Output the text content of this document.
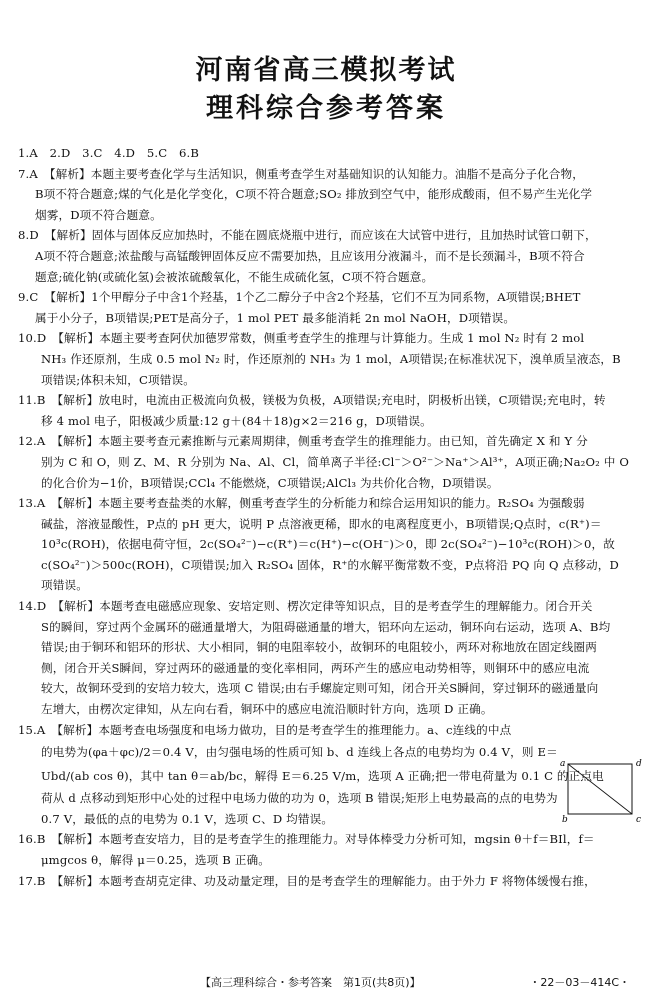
河南省高三模拟考试
理科综合参考答案
1.A　2.D　3.C　4.D　5.C　6.B
7.A　【解析】本题主要考查化学与生活知识，侧重考查学生对基础知识的认知能力。油脂不是高分子化合物，
B项不符合题意;煤的气化是化学变化，C项不符合题意;SO₂ 排放到空气中，能形成酸雨，但不易产生光化学
烟雾，D项不符合题意。
8.D　【解析】固体与固体反应加热时，不能在圆底烧瓶中进行，而应该在大试管中进行，且加热时试管口朝下，
A项不符合题意;浓盐酸与高锰酸钾固体反应不需要加热，且应该用分液漏斗，而不是长颈漏斗，B项不符合
题意;硫化钠(或硫化氢)会被浓硫酸氧化，不能生成硫化氢，C项不符合题意。
9.C　【解析】1个甲醇分子中含1个羟基，1个乙二醇分子中含2个羟基，它们不互为同系物，A项错误;BHET
属于小分子，B项错误;PET是高分子，1 mol PET 最多能消耗 2n mol NaOH，D项错误。
10.D　【解析】本题主要考查阿伏加德罗常数，侧重考查学生的推理与计算能力。生成 1 mol N₂ 时有 2 mol
NH₃ 作还原剂，生成 0.5 mol N₂ 时，作还原剂的 NH₃ 为 1 mol，A项错误;在标准状况下，溴单质呈液态，B
项错误;体积未知，C项错误。
11.B　【解析】放电时，电流由正极流向负极，镁极为负极，A项错误;充电时，阴极析出镁，C项错误;充电时，转
移 4 mol 电子，阳极减少质量:12 g＋(84＋18)g×2＝216 g，D项错误。
12.A　【解析】本题主要考查元素推断与元素周期律，侧重考查学生的推理能力。由已知，首先确定 X 和 Y 分
别为 C 和 O，则 Z、M、R 分别为 Na、Al、Cl，简单离子半径:Cl⁻＞O²⁻＞Na⁺＞Al³⁺，A项正确;Na₂O₂ 中 O
的化合价为−1价，B项错误;CCl₄ 不能燃烧，C项错误;AlCl₃ 为共价化合物，D项错误。
13.A　【解析】本题主要考查盐类的水解，侧重考查学生的分析能力和综合运用知识的能力。R₂SO₄ 为强酸弱
碱盐，溶液显酸性，P点的 pH 更大，说明 P 点溶液更稀，即水的电离程度更小，B项错误;Q点时，c(R⁺)＝
10³c(ROH)，依据电荷守恒，2c(SO₄²⁻)−c(R⁺)＝c(H⁺)−c(OH⁻)＞0，即 2c(SO₄²⁻)−10³c(ROH)＞0，故
c(SO₄²⁻)＞500c(ROH)，C项错误;加入 R₂SO₄ 固体，R⁺的水解平衡常数不变，P点将沿 PQ 向 Q 点移动，D
项错误。
14.D　【解析】本题考查电磁感应现象、安培定则、楞次定律等知识点，目的是考查学生的理解能力。闭合开关
S的瞬间，穿过两个金属环的磁通量增大，为阻碍磁通量的增大，铝环向左运动，铜环向右运动，选项 A、B均
错误;由于铜环和铝环的形状、大小相同，铜的电阻率较小，故铜环的电阻较小，两环对称地放在固定线圈两
侧，闭合开关S瞬间，穿过两环的磁通量的变化率相同，两环产生的感应电动势相等，则铜环中的感应电流
较大，故铜环受到的安培力较大，选项 C 错误;由右手螺旋定则可知，闭合开关S瞬间，穿过铜环的磁通量向
左增大，由楞次定律知，从左向右看，铜环中的感应电流沿顺时针方向，选项 D 正确。
15.A　【解析】本题考查电场强度和电场力做功，目的是考查学生的推理能力。a、c连线的中点
的电势为(φa＋φc)/2＝0.4 V，由匀强电场的性质可知 b、d 连线上各点的电势均为 0.4 V，则 E＝
Ubd/(ab cos θ)，其中 tan θ＝ab/bc，解得 E＝6.25 V/m，选项 A 正确;把一带电荷量为 0.1 C 的正点电
荷从 d 点移动到矩形中心处的过程中电场力做的功为 0，选项 B 错误;矩形上电势最高的点的电势为
0.7 V，最低的点的电势为 0.1 V，选项 C、D 均错误。
16.B　【解析】本题考查安培力，目的是考查学生的推理能力。对导体棒受力分析可知，mgsin θ＋f＝BIl，f＝
μmgcos θ，解得 μ＝0.25，选项 B 正确。
17.B　【解析】本题考查胡克定律、功及动量定理，目的是考查学生的理解能力。由于外力 F 将物体缓慢右推，
a	d
b	c
【高三理科综合・参考答案　第1页(共8页)】	・22－03－414C・
